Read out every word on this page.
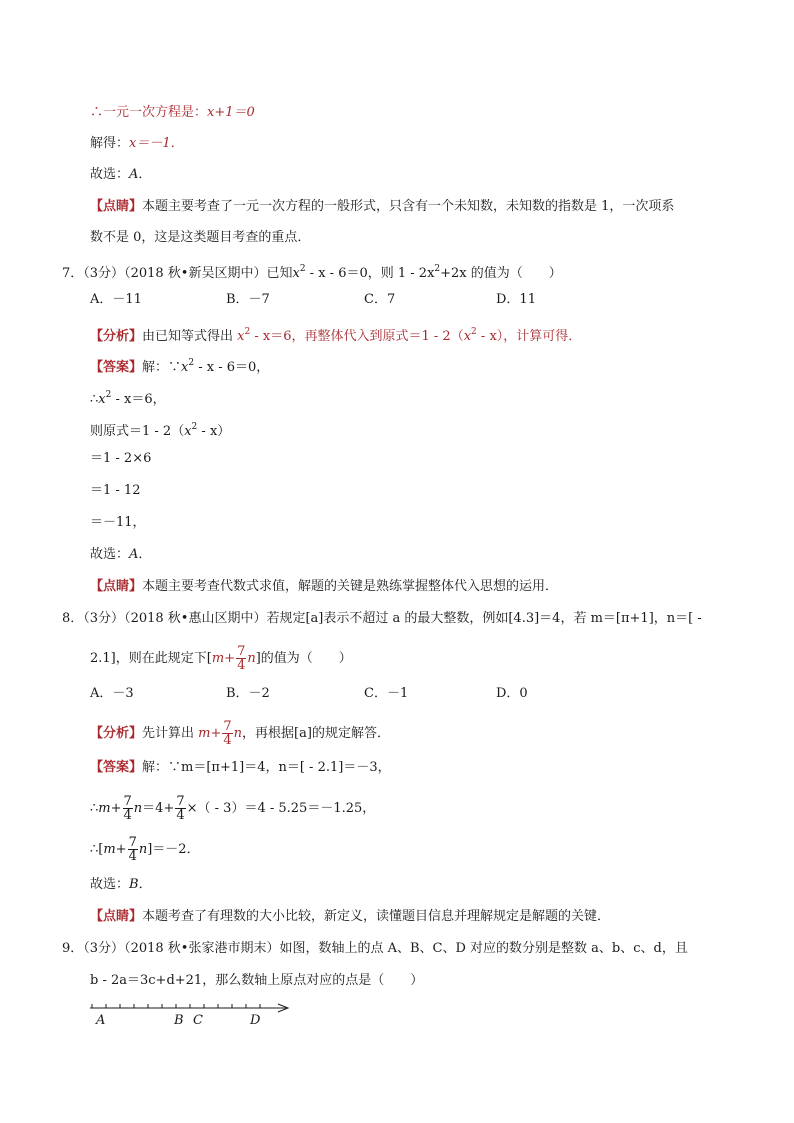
∴一元一次方程是：x+1＝0
解得：x＝－1．
故选：A．
【点睛】本题主要考查了一元一次方程的一般形式，只含有一个未知数，未知数的指数是 1，一次项系
数不是 0，这是这类题目考查的重点．
7．（3分）（2018 秋•新吴区期中）已知$x^2 - x - 6=0$，则 $1 - 2x^2+2x$ 的值为（　　）
A．－11	B．－7	C．7	D．11
【分析】由已知等式得出 $x^2 - x=6$，再整体代入到原式$=1 - 2(x^2 - x)$，计算可得．
【答案】解：$\because x^2 - x - 6=0$，
$\therefore x^2 - x=6$，
则原式$=1 - 2(x^2 - x)$
＝1 - 2×6
＝1 - 12
＝－11，
故选：A．
【点睛】本题主要考查代数式求值，解题的关键是熟练掌握整体代入思想的运用．
8．（3分）（2018 秋•惠山区期中）若规定[a]表示不超过 a 的最大整数，例如[4.3]＝4，若 m＝[π+1]，n＝[ -
2.1]，则在此规定下$[m+ \frac{7}{4} n]$的值为（　　）
A．－3	B．－2	C．－1	D．0
【分析】先计算出 $m+ \frac{7}{4}$ n，再根据[a]的规定解答．
【答案】解：∵m＝[π+1]＝4，n＝[ - 2.1]＝－3，
∴m+ $\frac{7}{4} n=4+ \frac{7}{4}$ ×（ - 3）＝4 - 5.25＝－1.25，
∴[m+ $\frac{7}{4} n]=-2$．
故选：B．
【点睛】本题考查了有理数的大小比较，新定义，读懂题目信息并理解规定是解题的关键．
9．（3分）（2018 秋•张家港市期末）如图，数轴上的点 A、B、C、D 对应的数分别是整数 a、b、c、d，且
b - 2a＝3c+d+21，那么数轴上原点对应的点是（　　）
A	B C	D
